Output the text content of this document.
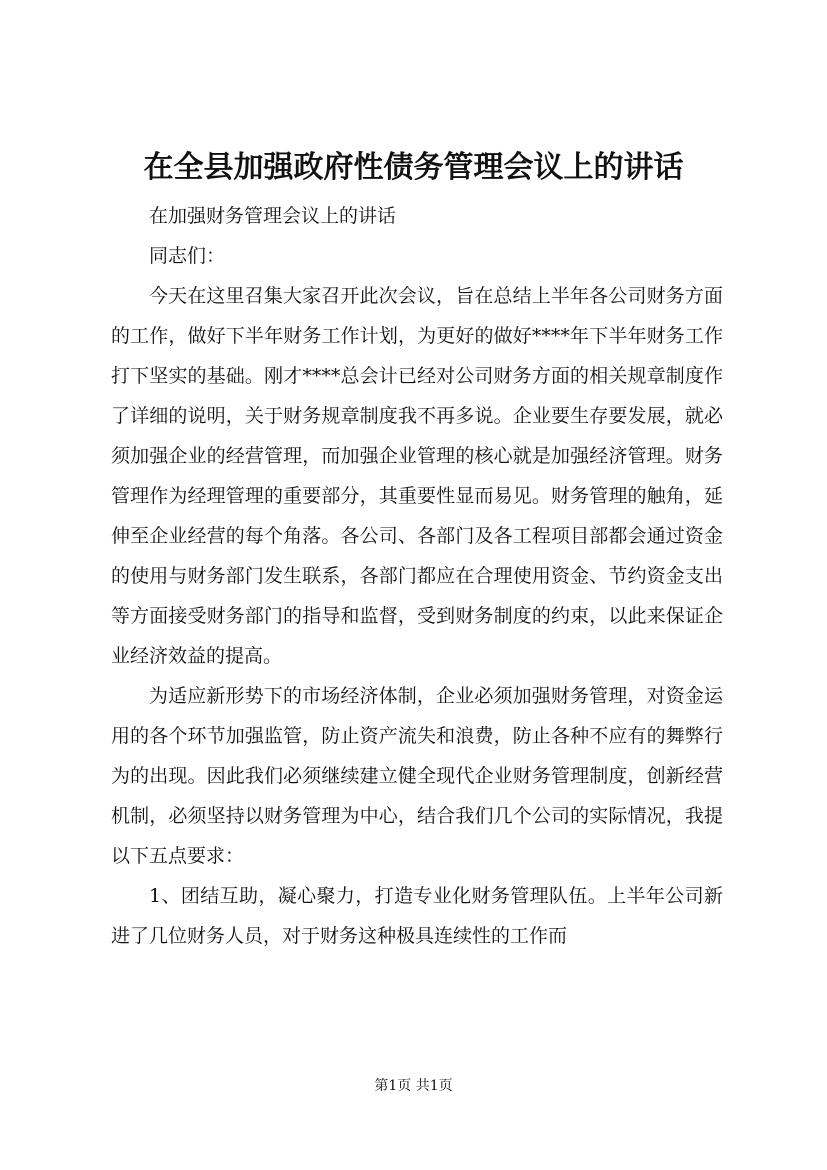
在全县加强政府性债务管理会议上的讲话

在加强财务管理会议上的讲话

同志们：

今天在这里召集大家召开此次会议，旨在总结上半年各公司财务方面的工作，做好下半年财务工作计划，为更好的做好****年下半年财务工作打下坚实的基础。刚才****总会计已经对公司财务方面的相关规章制度作了详细的说明，关于财务规章制度我不再多说。企业要生存要发展，就必须加强企业的经营管理，而加强企业管理的核心就是加强经济管理。财务管理作为经理管理的重要部分，其重要性显而易见。财务管理的触角，延伸至企业经营的每个角落。各公司、各部门及各工程项目部都会通过资金的使用与财务部门发生联系，各部门都应在合理使用资金、节约资金支出等方面接受财务部门的指导和监督，受到财务制度的约束，以此来保证企业经济效益的提高。

为适应新形势下的市场经济体制，企业必须加强财务管理，对资金运用的各个环节加强监管，防止资产流失和浪费，防止各种不应有的舞弊行为的出现。因此我们必须继续建立健全现代企业财务管理制度，创新经营机制，必须坚持以财务管理为中心，结合我们几个公司的实际情况，我提以下五点要求：

1、团结互助，凝心聚力，打造专业化财务管理队伍。上半年公司新进了几位财务人员，对于财务这种极具连续性的工作而

第1页 共1页
